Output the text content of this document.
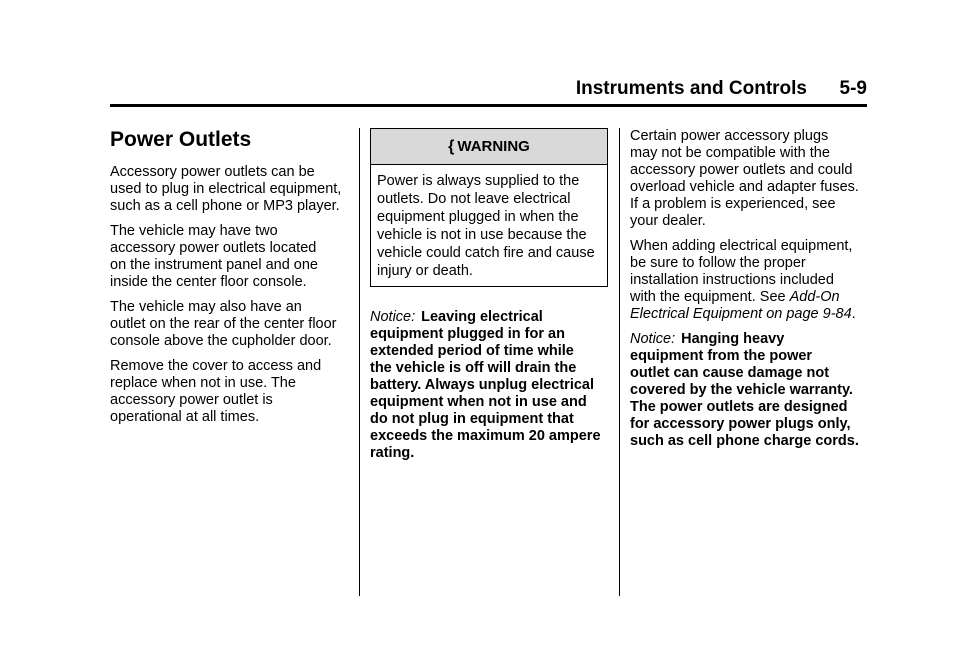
Instruments and Controls 5-9
Power Outlets

Accessory power outlets can be
used to plug in electrical equipment,
such as a cell phone or MP3 player.

The vehicle may have two
accessory power outlets located
on the instrument panel and one
inside the center floor console.

The vehicle may also have an
outlet on the rear of the center floor
console above the cupholder door.

Remove the cover to access and
replace when not in use. The
accessory power outlet is
operational at all times.

{ WARNING
Power is always supplied to the
outlets. Do not leave electrical
equipment plugged in when the
vehicle is not in use because the
vehicle could catch fire and cause
injury or death.
Notice: Leaving electrical
equipment plugged in for an
extended period of time while
the vehicle is off will drain the
battery. Always unplug electrical
equipment when not in use and
do not plug in equipment that
exceeds the maximum 20 ampere
rating.

Certain power accessory plugs
may not be compatible with the
accessory power outlets and could
overload vehicle and adapter fuses.
If a problem is experienced, see
your dealer.

When adding electrical equipment,
be sure to follow the proper
installation instructions included
with the equipment. See Add-On
Electrical Equipment on page 9-84.

Notice: Hanging heavy
equipment from the power
outlet can cause damage not
covered by the vehicle warranty.
The power outlets are designed
for accessory power plugs only,
such as cell phone charge cords.
